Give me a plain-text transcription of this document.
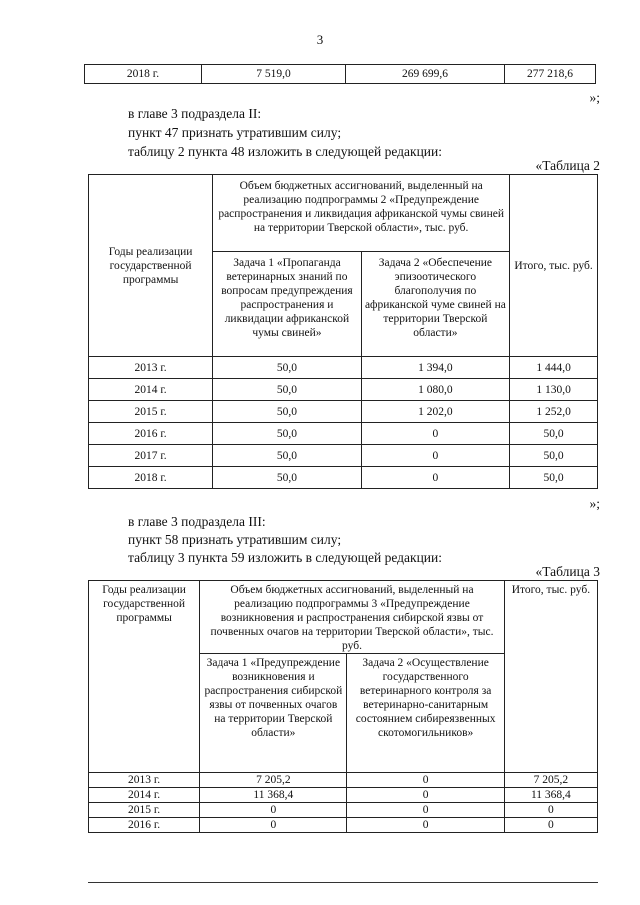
3
2018 г.	7 519,0	269 699,6	277 218,6
»;
в главе 3 подраздела II:
пункт 47 признать утратившим силу;
таблицу 2 пункта 48 изложить в следующей редакции:
«Таблица 2
Годы реализации государственной программы	Объем бюджетных ассигнований, выделенный на реализацию подпрограммы 2 «Предупреждение распространения и ликвидация африканской чумы свиней на территории Тверской области», тыс. руб.		Итого, тыс. руб.
	Задача 1 «Пропаганда ветеринарных знаний по вопросам предупреждения распространения и ликвидации африканской чумы свиней»	Задача 2 «Обеспечение эпизоотического благополучия по африканской чуме свиней на территории Тверской области»	
2013 г.	50,0	1 394,0	1 444,0
2014 г.	50,0	1 080,0	1 130,0
2015 г.	50,0	1 202,0	1 252,0
2016 г.	50,0	0	50,0
2017 г.	50,0	0	50,0
2018 г.	50,0	0	50,0
»;
в главе 3 подраздела III:
пункт 58 признать утратившим силу;
таблицу 3 пункта 59 изложить в следующей редакции:
«Таблица 3
Годы реализации государственной программы	Объем бюджетных ассигнований, выделенный на реализацию подпрограммы 3 «Предупреждение возникновения и распространения сибирской язвы от почвенных очагов на территории Тверской области», тыс. руб.		Итого, тыс. руб.
	Задача 1 «Предупреждение возникновения и распространения сибирской язвы от почвенных очагов на территории Тверской области»	Задача 2 «Осуществление государственного ветеринарного контроля за ветеринарно-санитарным состоянием сибиреязвенных скотомогильников»	
2013 г.	7 205,2	0	7 205,2
2014 г.	11 368,4	0	11 368,4
2015 г.	0	0	0
2016 г.	0	0	0
